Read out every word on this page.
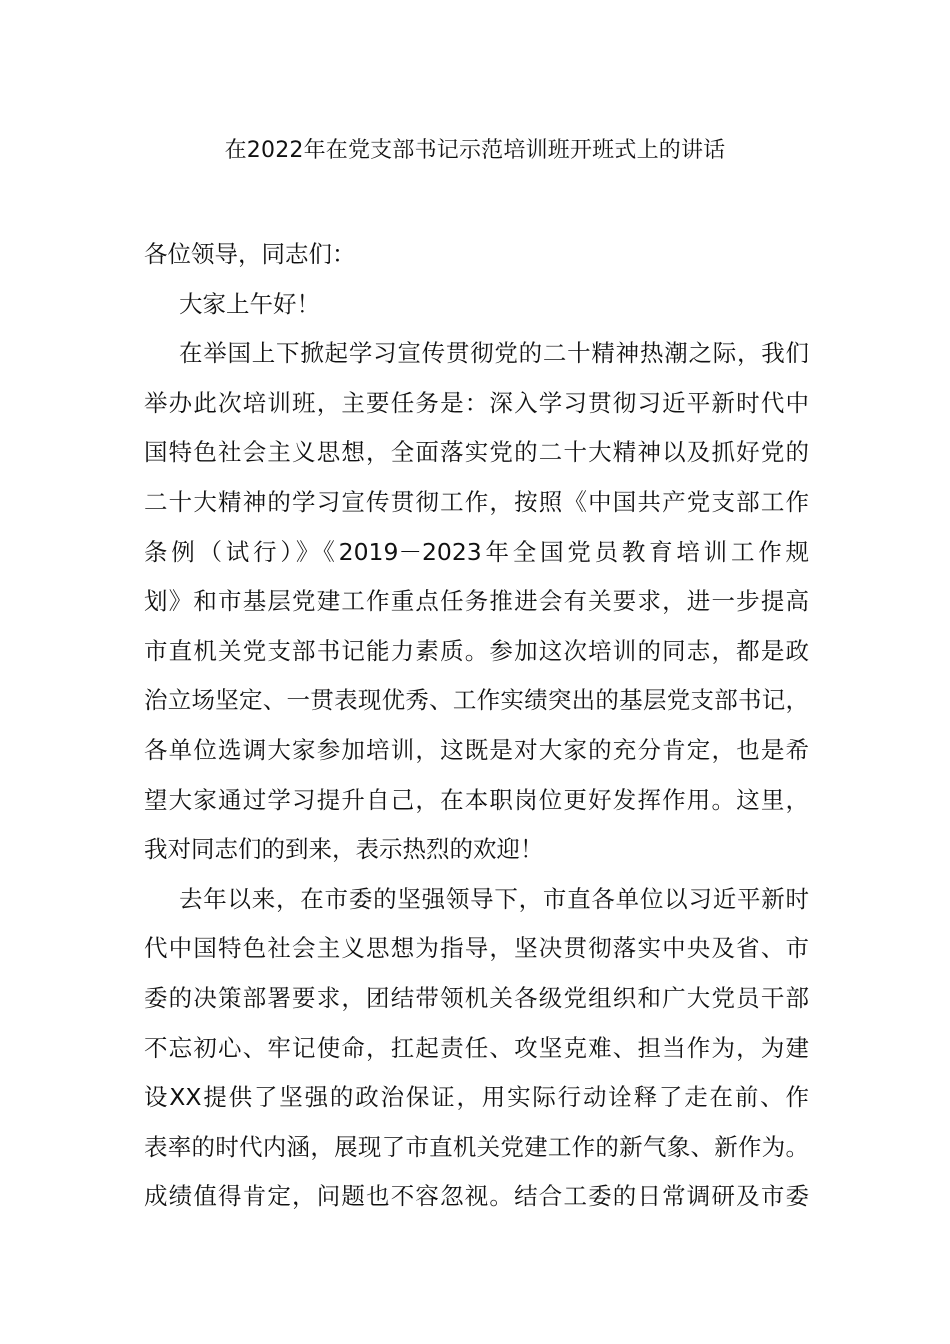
在2022年在党支部书记示范培训班开班式上的讲话
各位领导，同志们：
大家上午好！
在举国上下掀起学习宣传贯彻党的二十精神热潮之际，我们
举办此次培训班，主要任务是：深入学习贯彻习近平新时代中
国特色社会主义思想，全面落实党的二十大精神以及抓好党的
二十大精神的学习宣传贯彻工作，按照《中国共产党支部工作
条例（试行）》《2019－2023年全国党员教育培训工作规
划》和市基层党建工作重点任务推进会有关要求，进一步提高
市直机关党支部书记能力素质。参加这次培训的同志，都是政
治立场坚定、一贯表现优秀、工作实绩突出的基层党支部书记，
各单位选调大家参加培训，这既是对大家的充分肯定，也是希
望大家通过学习提升自己，在本职岗位更好发挥作用。这里，
我对同志们的到来，表示热烈的欢迎！
去年以来，在市委的坚强领导下，市直各单位以习近平新时
代中国特色社会主义思想为指导，坚决贯彻落实中央及省、市
委的决策部署要求，团结带领机关各级党组织和广大党员干部
不忘初心、牢记使命，扛起责任、攻坚克难、担当作为，为建
设XX提供了坚强的政治保证，用实际行动诠释了走在前、作
表率的时代内涵，展现了市直机关党建工作的新气象、新作为。
成绩值得肯定，问题也不容忽视。结合工委的日常调研及市委
